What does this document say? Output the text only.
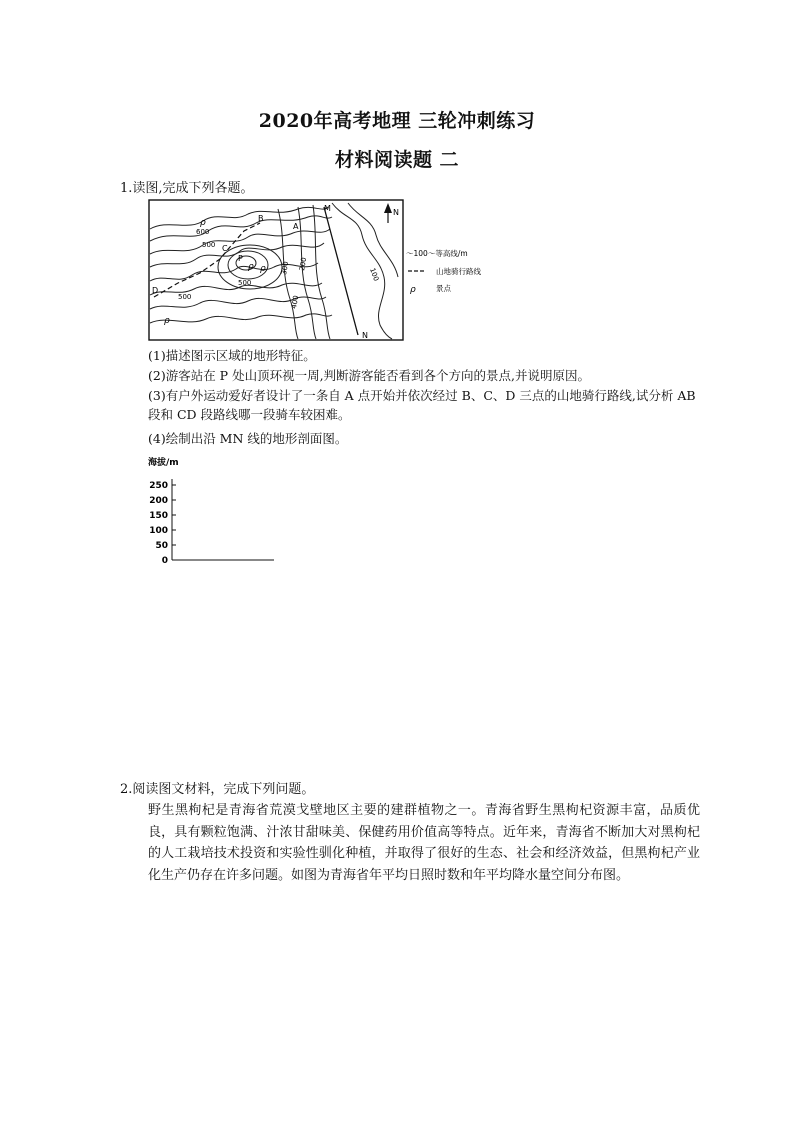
2020年高考地理 三轮冲刺练习
材料阅读题 二

1.读图,完成下列各题。

N
M
N
A
B
C
D
P
ρ
ρ ρ
ρ
600
500
500
500	400
300 200
100
～100～等高线/m
山地骑行路线
ρ	景点

(1)描述图示区域的地形特征。

(2)游客站在 P 处山顶环视一周,判断游客能否看到各个方向的景点,并说明原因。

(3)有户外运动爱好者设计了一条自 A 点开始并依次经过 B、C、D 三点的山地骑行路线,试分析 AB 段和 CD 段路线哪一段骑车较困难。

(4)绘制出沿 MN 线的地形剖面图。

海拔/m
250
200
150
100
50
0

2.阅读图文材料，完成下列问题。

野生黑枸杞是青海省荒漠戈壁地区主要的建群植物之一。青海省野生黑枸杞资源丰富，品质优良，具有颗粒饱满、汁浓甘甜味美、保健药用价值高等特点。近年来，青海省不断加大对黑枸杞的人工栽培技术投资和实验性驯化种植，并取得了很好的生态、社会和经济效益，但黑枸杞产业化生产仍存在许多问题。如图为青海省年平均日照时数和年平均降水量空间分布图。
